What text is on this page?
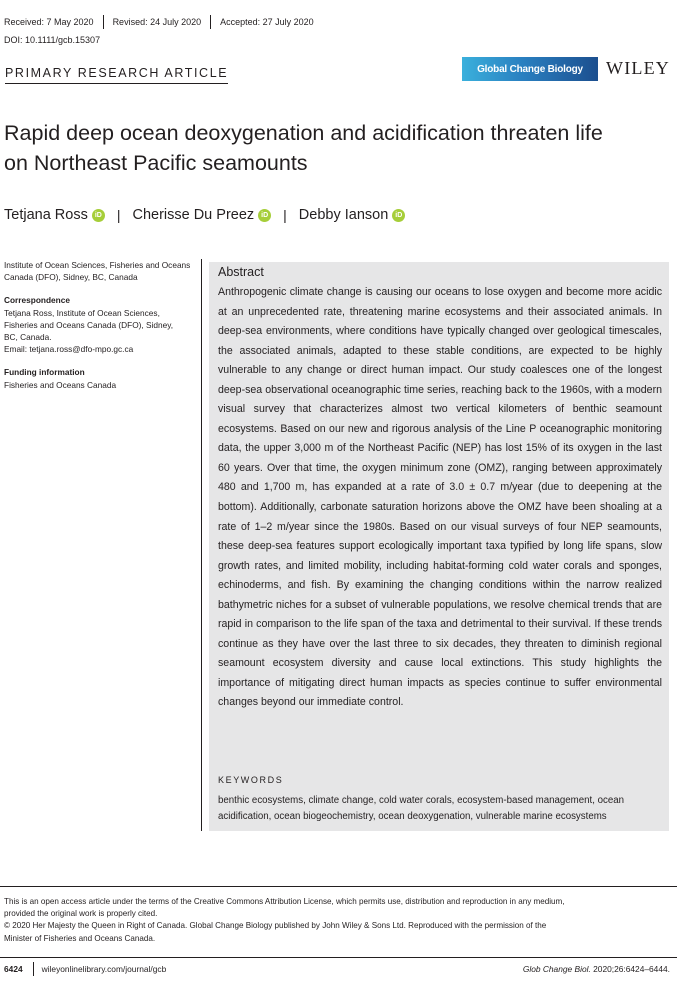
Received: 7 May 2020 Revised: 24 July 2020 Accepted: 27 July 2020
DOI: 10.1111/gcb.15307
PRIMARY RESEARCH ARTICLE	Global Change Biology WILEY
Rapid deep ocean deoxygenation and acidification threaten life
on Northeast Pacific seamounts
Tetjana Ross	iD | Cherisse Du Preez	iD | Debby Ianson	iD
Institute of Ocean Sciences, Fisheries and Oceans Canada (DFO), Sidney, BC, Canada
Correspondence
Tetjana Ross, Institute of Ocean Sciences,
Fisheries and Oceans Canada (DFO), Sidney,
BC, Canada.
Email: tetjana.ross@dfo-mpo.gc.ca
Funding information
Fisheries and Oceans Canada
Abstract
Anthropogenic climate change is causing our oceans to lose oxygen and become more acidic at an unprecedented rate, threatening marine ecosystems and their associated animals. In deep-sea environments, where conditions have typically changed over geological timescales, the associated animals, adapted to these stable conditions, are expected to be highly vulnerable to any change or direct human impact. Our study coalesces one of the longest deep-sea observational oceanographic time series, reaching back to the 1960s, with a modern visual survey that characterizes almost two vertical kilometers of benthic seamount ecosystems. Based on our new and rigorous analysis of the Line P oceanographic monitoring data, the upper 3,000 m of the Northeast Pacific (NEP) has lost 15% of its oxygen in the last 60 years. Over that time, the oxygen minimum zone (OMZ), ranging between approximately 480 and 1,700 m, has expanded at a rate of 3.0 ± 0.7 m/year (due to deepening at the bottom). Additionally, carbonate saturation horizons above the OMZ have been shoaling at a rate of 1–2 m/year since the 1980s. Based on our visual surveys of four NEP seamounts, these deep-sea features support ecologically important taxa typified by long life spans, slow growth rates, and limited mobility, including habitat-forming cold water corals and sponges, echinoderms, and fish. By examining the changing conditions within the narrow realized bathymetric niches for a subset of vulnerable populations, we resolve chemical trends that are rapid in comparison to the life span of the taxa and detrimental to their survival. If these trends continue as they have over the last three to six decades, they threaten to diminish regional seamount ecosystem diversity and cause local extinctions. This study highlights the importance of mitigating direct human impacts as species continue to suffer environmental changes beyond our immediate control.
KEYWORDS
benthic ecosystems, climate change, cold water corals, ecosystem-based management, ocean acidification, ocean biogeochemistry, ocean deoxygenation, vulnerable marine ecosystems
This is an open access article under the terms of the Creative Commons Attribution License, which permits use, distribution and reproduction in any medium,
provided the original work is properly cited.
© 2020 Her Majesty the Queen in Right of Canada. Global Change Biology published by John Wiley & Sons Ltd. Reproduced with the permission of the
Minister of Fisheries and Oceans Canada.
6424 wileyonlinelibrary.com/journal/gcb	Glob Change Biol. 2020;26:6424–6444.
